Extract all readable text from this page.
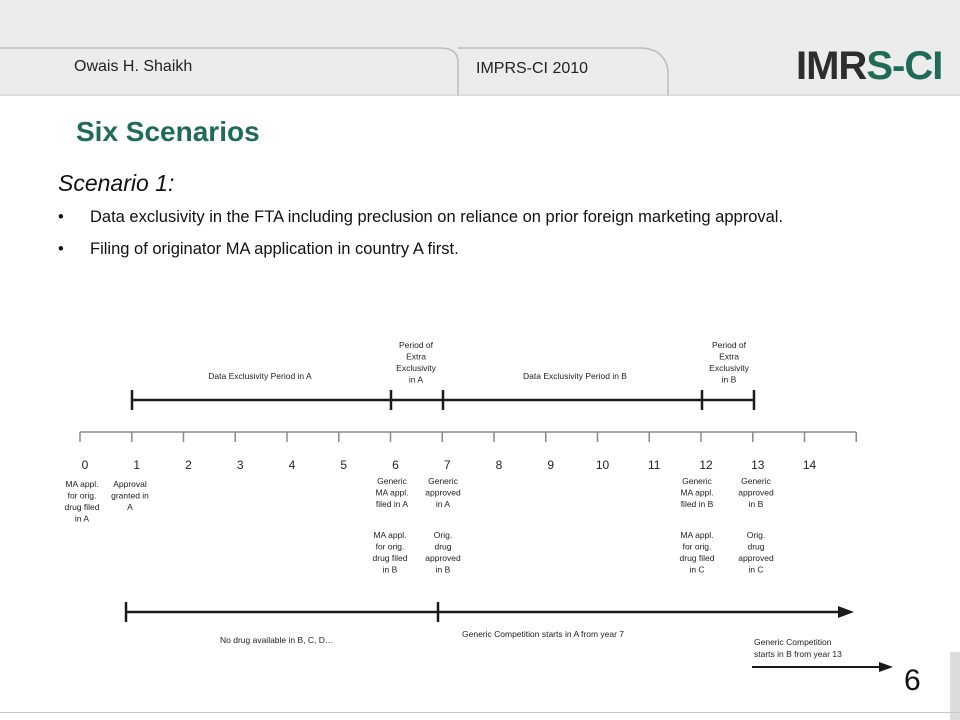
Owais H. Shaikh	IMPRS-CI 2010	IMRS-CI
Six Scenarios
Scenario 1:
• Data exclusivity in the FTA including preclusion on reliance on prior foreign marketing approval.
• Filing of originator MA application in country A first.
Data Exclusivity Period in A	Data Exclusivity Period in B
Period of Extra Exclusivity in A
Period of Extra Exclusivity in B
0	1	2	3	4	5	6	7	8	9	10	11	12	13	14
MA appl. for orig. drug filed in A
Approval granted in A
Generic MA appl. filed in A
MA appl. for orig. drug filed in B
Generic approved in A
Orig. drug approved in B
Generic MA appl. filed in B
MA appl. for orig. drug filed in C
Generic approved in B
Orig. drug approved in C
No drug available in B, C, D…
Generic Competition starts in A from year 7
Generic Competition starts in B from year 13
6
